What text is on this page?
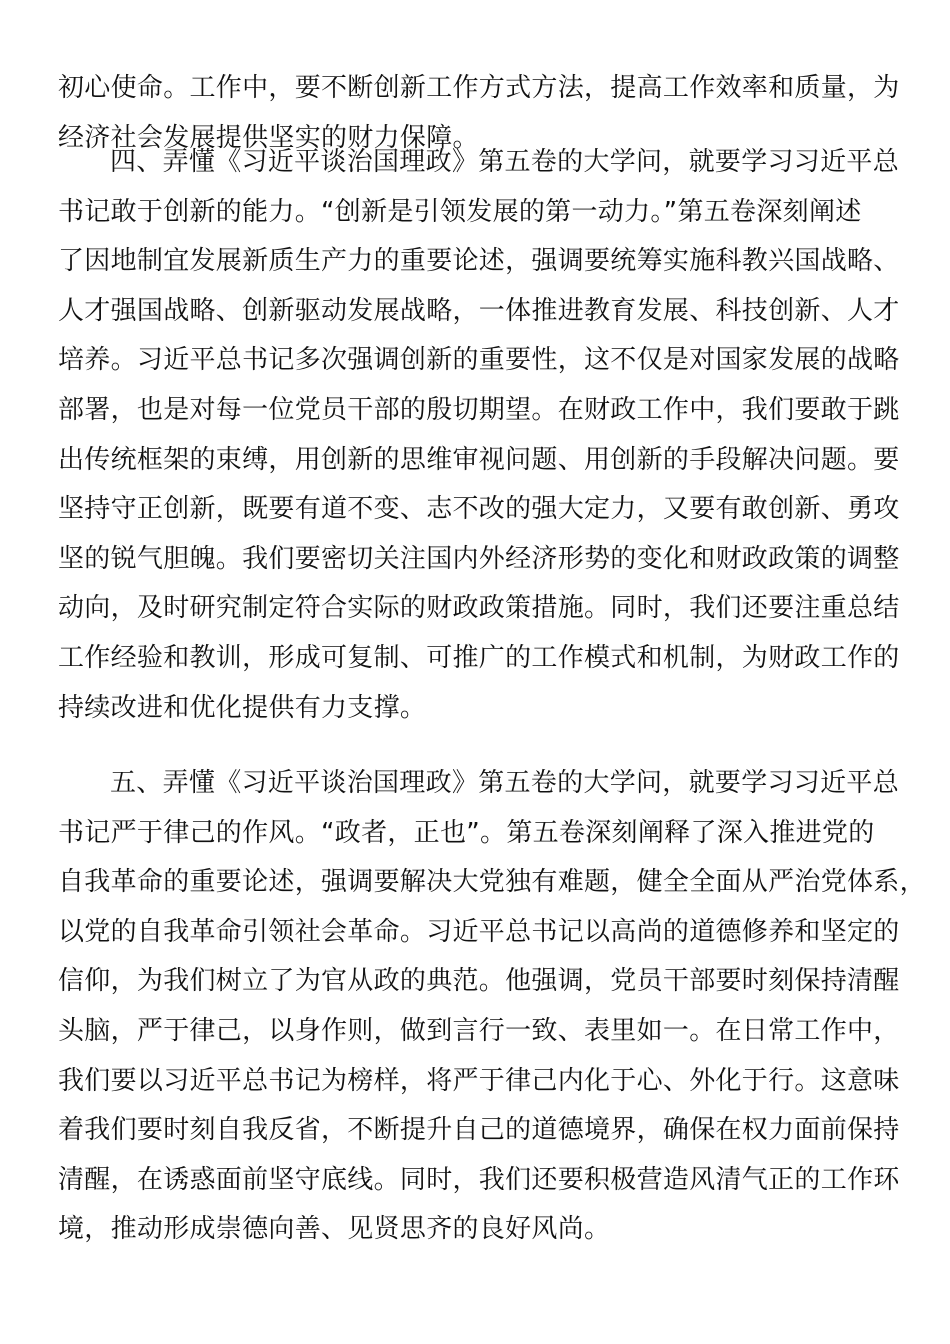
初心使命。工作中，要不断创新工作方式方法，提高工作效率和质量，为
经济社会发展提供坚实的财力保障。
四、弄懂《习近平谈治国理政》第五卷的大学问，就要学习习近平总
书记敢于创新的能力。“创新是引领发展的第一动力。”第五卷深刻阐述
了因地制宜发展新质生产力的重要论述，强调要统筹实施科教兴国战略、
人才强国战略、创新驱动发展战略，一体推进教育发展、科技创新、人才
培养。习近平总书记多次强调创新的重要性，这不仅是对国家发展的战略
部署，也是对每一位党员干部的殷切期望。在财政工作中，我们要敢于跳
出传统框架的束缚，用创新的思维审视问题、用创新的手段解决问题。要
坚持守正创新，既要有道不变、志不改的强大定力，又要有敢创新、勇攻
坚的锐气胆魄。我们要密切关注国内外经济形势的变化和财政政策的调整
动向，及时研究制定符合实际的财政政策措施。同时，我们还要注重总结
工作经验和教训，形成可复制、可推广的工作模式和机制，为财政工作的
持续改进和优化提供有力支撑。
五、弄懂《习近平谈治国理政》第五卷的大学问，就要学习习近平总
书记严于律己的作风。“政者，正也”。第五卷深刻阐释了深入推进党的
自我革命的重要论述，强调要解决大党独有难题，健全全面从严治党体系，
以党的自我革命引领社会革命。习近平总书记以高尚的道德修养和坚定的
信仰，为我们树立了为官从政的典范。他强调，党员干部要时刻保持清醒
头脑，严于律己，以身作则，做到言行一致、表里如一。在日常工作中，
我们要以习近平总书记为榜样，将严于律己内化于心、外化于行。这意味
着我们要时刻自我反省，不断提升自己的道德境界，确保在权力面前保持
清醒，在诱惑面前坚守底线。同时，我们还要积极营造风清气正的工作环
境，推动形成崇德向善、见贤思齐的良好风尚。
